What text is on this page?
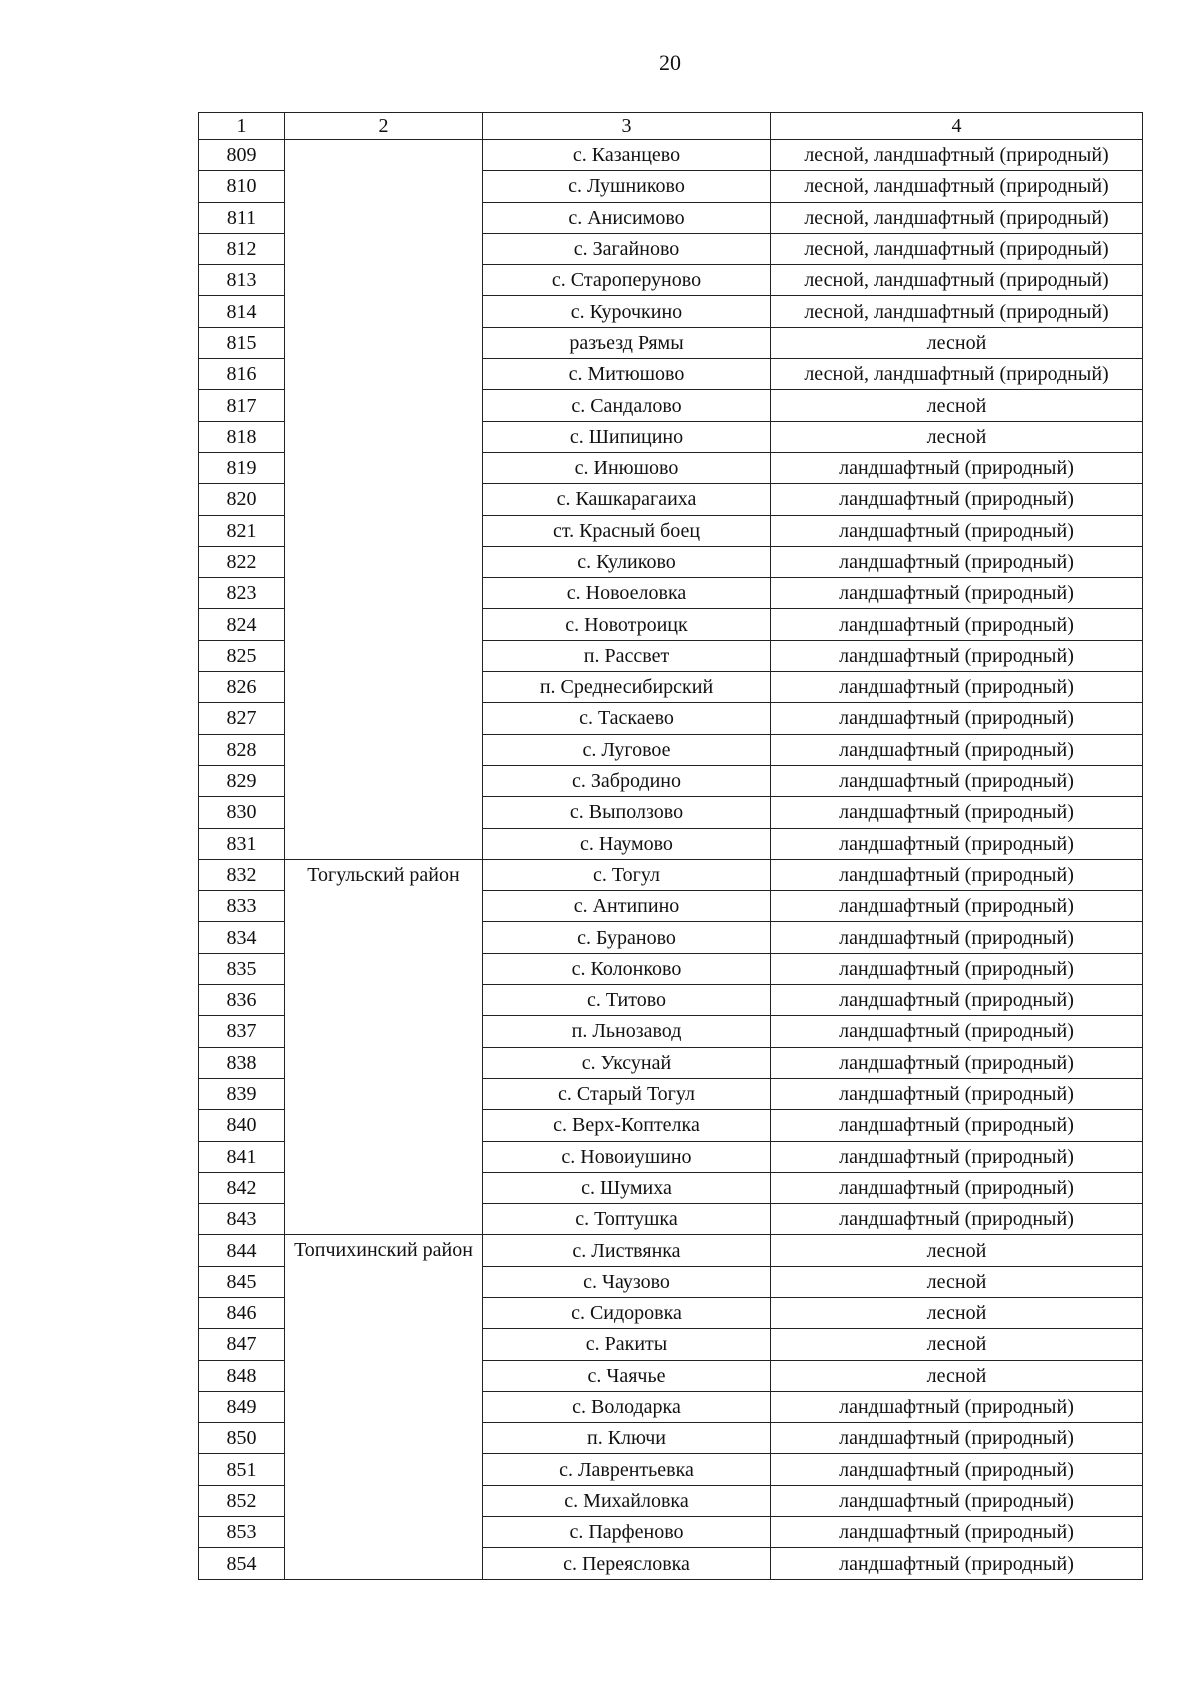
20
1	2	3	4
809		с. Казанцево	лесной, ландшафтный (природный)
810		с. Лушниково	лесной, ландшафтный (природный)
811		с. Анисимово	лесной, ландшафтный (природный)
812		с. Загайново	лесной, ландшафтный (природный)
813		с. Староперуново	лесной, ландшафтный (природный)
814		с. Курочкино	лесной, ландшафтный (природный)
815		разъезд Рямы	лесной
816		с. Митюшово	лесной, ландшафтный (природный)
817		с. Сандалово	лесной
818		с. Шипицино	лесной
819		с. Инюшово	ландшафтный (природный)
820		с. Кашкарагаиха	ландшафтный (природный)
821		ст. Красный боец	ландшафтный (природный)
822		с. Куликово	ландшафтный (природный)
823		с. Новоеловка	ландшафтный (природный)
824		с. Новотроицк	ландшафтный (природный)
825		п. Рассвет	ландшафтный (природный)
826		п. Среднесибирский	ландшафтный (природный)
827		с. Таскаево	ландшафтный (природный)
828		с. Луговое	ландшафтный (природный)
829		с. Забродино	ландшафтный (природный)
830		с. Выползово	ландшафтный (природный)
831		с. Наумово	ландшафтный (природный)
832	Тогульский район	с. Тогул	ландшафтный (природный)
833		с. Антипино	ландшафтный (природный)
834		с. Бураново	ландшафтный (природный)
835		с. Колонково	ландшафтный (природный)
836		с. Титово	ландшафтный (природный)
837		п. Льнозавод	ландшафтный (природный)
838		с. Уксунай	ландшафтный (природный)
839		с. Старый Тогул	ландшафтный (природный)
840		с. Верх-Коптелка	ландшафтный (природный)
841		с. Новоиушино	ландшафтный (природный)
842		с. Шумиха	ландшафтный (природный)
843		с. Топтушка	ландшафтный (природный)
844	Топчихинский район	с. Листвянка	лесной
845		с. Чаузово	лесной
846		с. Сидоровка	лесной
847		с. Ракиты	лесной
848		с. Чаячье	лесной
849		с. Володарка	ландшафтный (природный)
850		п. Ключи	ландшафтный (природный)
851		с. Лаврентьевка	ландшафтный (природный)
852		с. Михайловка	ландшафтный (природный)
853		с. Парфеново	ландшафтный (природный)
854		с. Переясловка	ландшафтный (природный)
